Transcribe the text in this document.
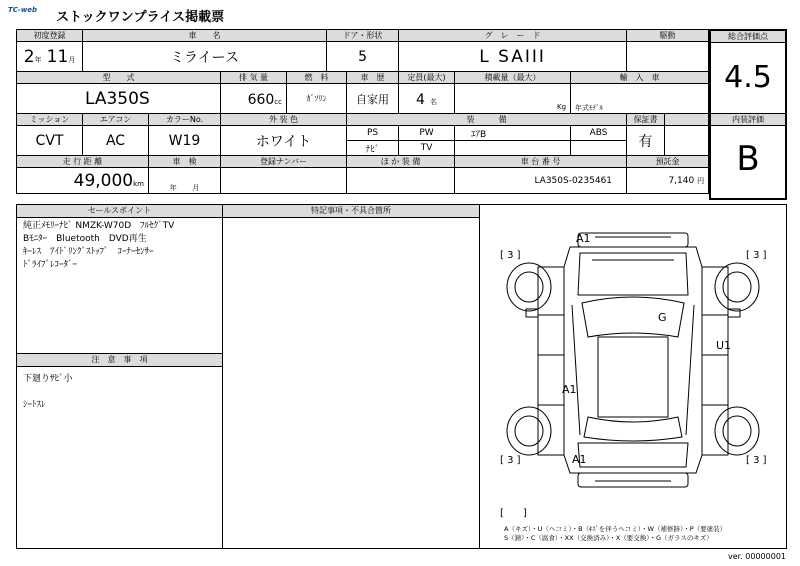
TC-web ストックワンプライス掲載票
初度登録	車　　名				ドア・形状		グ　レ　ー　ド			駆動	
2年 11月	ミライース				5		L SAIII				
型　　式			排 気 量	燃　料		車　歴	定員(最大)	積載量（最大）	輸　入　車		
LA350S			660cc	ｶﾞｿﾘﾝ		自家用	4 名	Kg	年式ﾓﾃﾞﾙ		
ミッション	エアコン	カラーNo.	外 装 色			装　　　備				保証書	
CVT	AC	W19	ホワイト			PS	PW	ｴｱB	ABS	有	
						ﾅﾋﾞ	TV				
走 行 距 離		車　検	登録ナンバー			ほ か 装 備		車 台 番 号		預託金	
49,000km		年 月						LA350S-0235461		7,140 円	
総合評価点
4.5
内装評価
B
セールスポイント
純正ﾒﾓﾘｰﾅﾋﾞ NMZK-W70D　ﾌﾙｾｸﾞTV
Bﾓﾆﾀｰ　Bluetooth　DVD再生
ｷｰﾚｽ　ｱｲﾄﾞﾘﾝｸﾞｽﾄｯﾌﾟ　ｺｰﾅｰｾﾝｻｰ
ﾄﾞﾗｲﾌﾞﾚｺｰﾀﾞｰ
注　意　事　項
下廻りｻﾋﾞ小

ｼｰﾄｽﾚ
特記事項・不具合箇所
A1
G
U1
A1
A1
[ 3 ]	[ 3 ]
[ 3 ]	[ 3 ]
[      ]
A（キズ）・U（ヘコミ）・B（ｷｽﾞを伴うヘコミ）・W（補修跡）・P（要塗装）
S（錆）・C（腐食）・XX（交換済み）・X（要交換）・G（ガラスのキズ）
ver. 00000001
